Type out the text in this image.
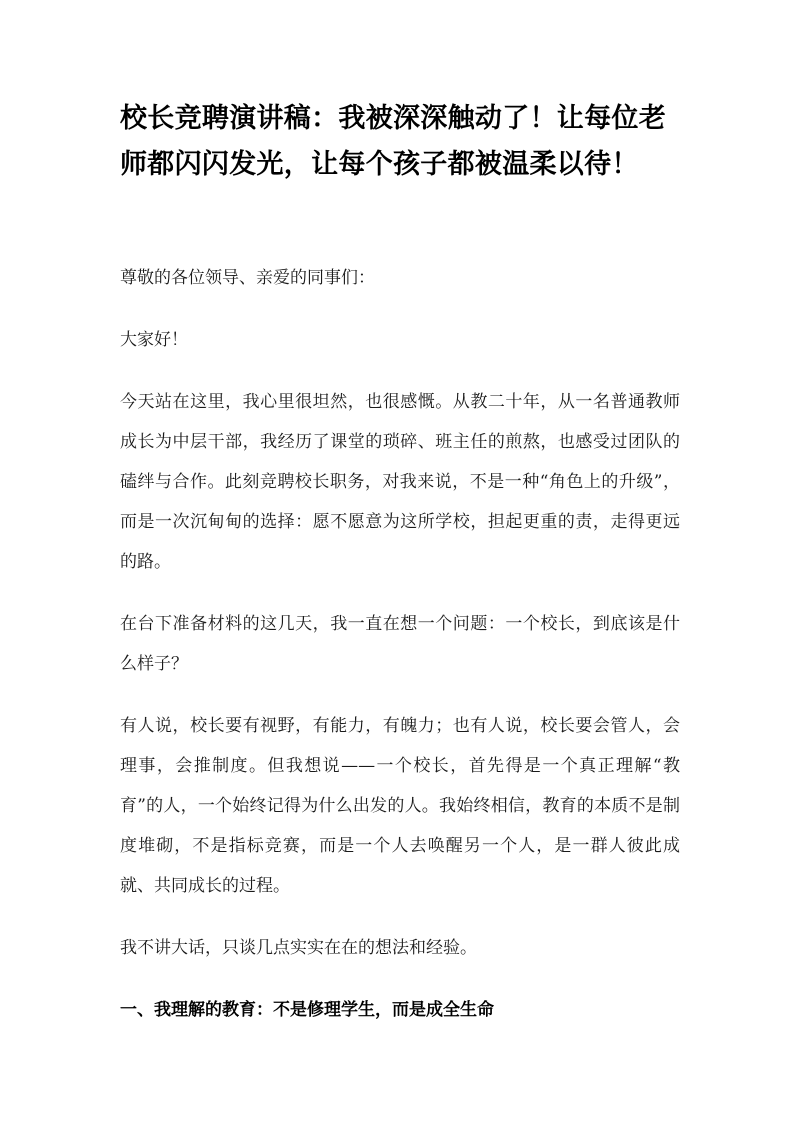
校长竞聘演讲稿：我被深深触动了！让每位老师都闪闪发光，让每个孩子都被温柔以待！

尊敬的各位领导、亲爱的同事们：

大家好！

今天站在这里，我心里很坦然，也很感慨。从教二十年，从一名普通教师成长为中层干部，我经历了课堂的琐碎、班主任的煎熬，也感受过团队的磕绊与合作。此刻竞聘校长职务，对我来说，不是一种“角色上的升级”，而是一次沉甸甸的选择：愿不愿意为这所学校，担起更重的责，走得更远的路。

在台下准备材料的这几天，我一直在想一个问题：一个校长，到底该是什么样子？

有人说，校长要有视野，有能力，有魄力；也有人说，校长要会管人，会理事，会推制度。但我想说——一个校长，首先得是一个真正理解“教育”的人，一个始终记得为什么出发的人。我始终相信，教育的本质不是制度堆砌，不是指标竞赛，而是一个人去唤醒另一个人，是一群人彼此成就、共同成长的过程。

我不讲大话，只谈几点实实在在的想法和经验。

一、我理解的教育：不是修理学生，而是成全生命
